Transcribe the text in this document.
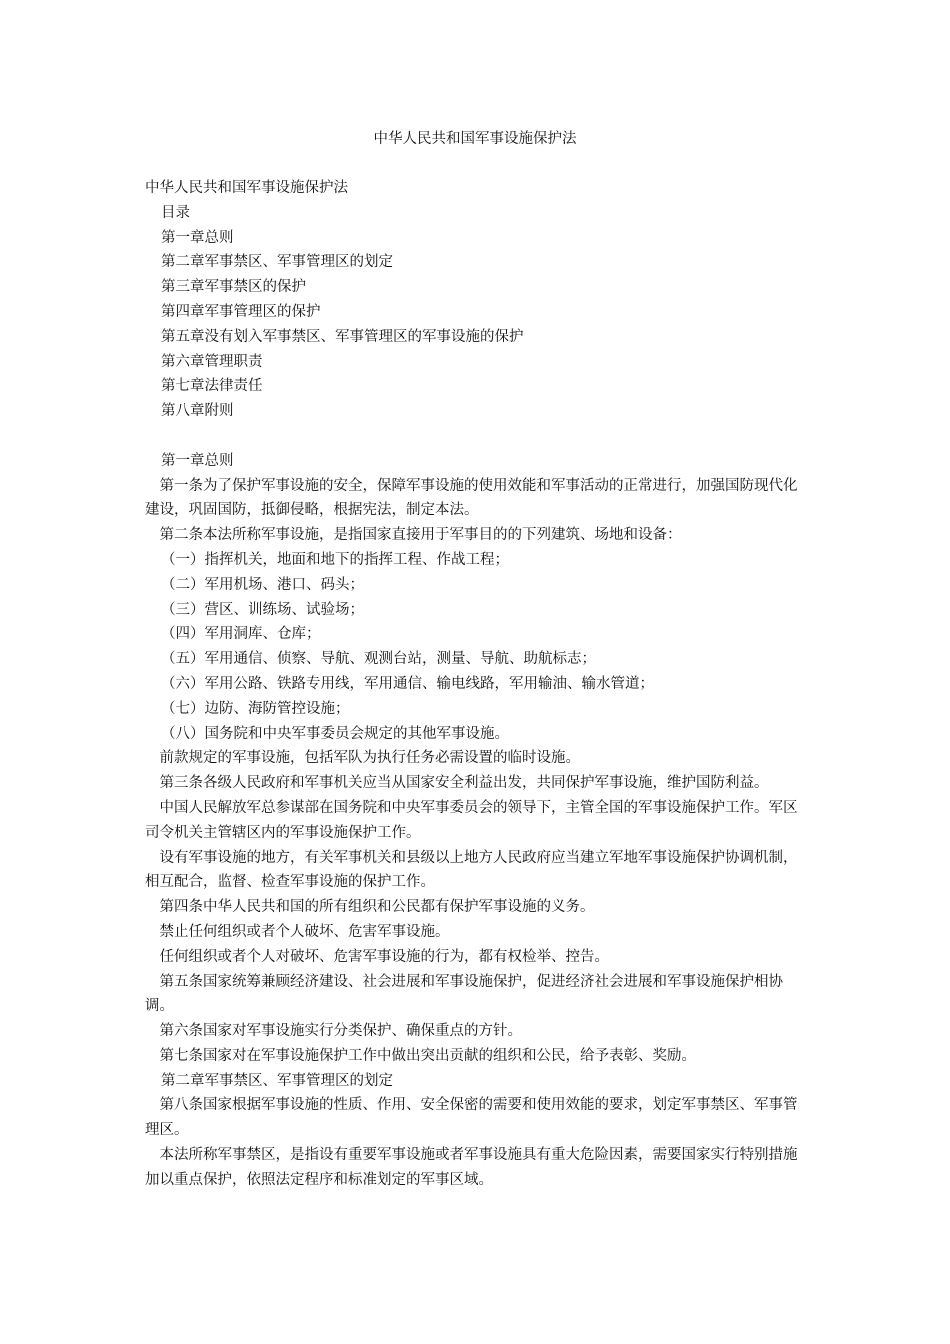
中华人民共和国军事设施保护法
中华人民共和国军事设施保护法
目录
第一章总则
第二章军事禁区、军事管理区的划定
第三章军事禁区的保护
第四章军事管理区的保护
第五章没有划入军事禁区、军事管理区的军事设施的保护
第六章管理职责
第七章法律责任
第八章附则
第一章总则
第一条为了保护军事设施的安全，保障军事设施的使用效能和军事活动的正常进行，加强国防现代化建设，巩固国防，抵御侵略，根据宪法，制定本法。
第二条本法所称军事设施，是指国家直接用于军事目的的下列建筑、场地和设备：
（一）指挥机关，地面和地下的指挥工程、作战工程；
（二）军用机场、港口、码头；
（三）营区、训练场、试验场；
（四）军用洞库、仓库；
（五）军用通信、侦察、导航、观测台站，测量、导航、助航标志；
（六）军用公路、铁路专用线，军用通信、输电线路，军用输油、输水管道；
（七）边防、海防管控设施；
（八）国务院和中央军事委员会规定的其他军事设施。
前款规定的军事设施，包括军队为执行任务必需设置的临时设施。
第三条各级人民政府和军事机关应当从国家安全利益出发，共同保护军事设施，维护国防利益。
中国人民解放军总参谋部在国务院和中央军事委员会的领导下，主管全国的军事设施保护工作。军区司令机关主管辖区内的军事设施保护工作。
设有军事设施的地方，有关军事机关和县级以上地方人民政府应当建立军地军事设施保护协调机制，相互配合，监督、检查军事设施的保护工作。
第四条中华人民共和国的所有组织和公民都有保护军事设施的义务。
禁止任何组织或者个人破坏、危害军事设施。
任何组织或者个人对破坏、危害军事设施的行为，都有权检举、控告。
第五条国家统筹兼顾经济建设、社会进展和军事设施保护，促进经济社会进展和军事设施保护相协调。
第六条国家对军事设施实行分类保护、确保重点的方针。
第七条国家对在军事设施保护工作中做出突出贡献的组织和公民，给予表彰、奖励。
第二章军事禁区、军事管理区的划定
第八条国家根据军事设施的性质、作用、安全保密的需要和使用效能的要求，划定军事禁区、军事管理区。
本法所称军事禁区，是指设有重要军事设施或者军事设施具有重大危险因素，需要国家实行特别措施加以重点保护，依照法定程序和标准划定的军事区域。
